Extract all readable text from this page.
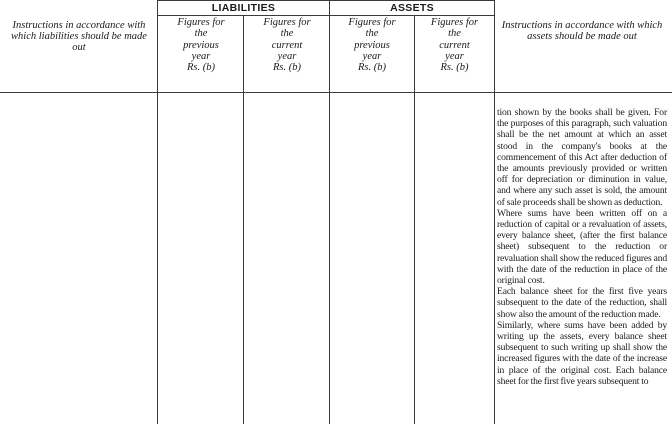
LIABILITIES	ASSETS
Instructions in accordance with which liabilities should be made out
Instructions in accordance with which assets should be made out
Figures for
the
previous
year
Rs. (b)
Figures for
the
current
year
Rs. (b)
Figures for
the
previous
year
Rs. (b)
Figures for
the
current
year
Rs. (b)

tion shown by the books shall be given. For the purposes of this paragraph, such valuation shall be the net amount at which an asset stood in the company's books at the commencement of this Act after deduction of the amounts previously provided or written off for depreciation or diminution in value, and where any such asset is sold, the amount of sale proceeds shall be shown as deduction.

Where sums have been written off on a reduction of capital or a revaluation of assets, every balance sheet, (after the first balance sheet) subsequent to the reduction or revaluation shall show the reduced figures and with the date of the reduction in place of the original cost.

Each balance sheet for the first five years subsequent to the date of the reduction, shall show also the amount of the reduction made.

Similarly, where sums have been added by writing up the assets, every balance sheet subsequent to such writing up shall show the increased figures with the date of the increase in place of the original cost. Each balance sheet for the first five years subsequent to
